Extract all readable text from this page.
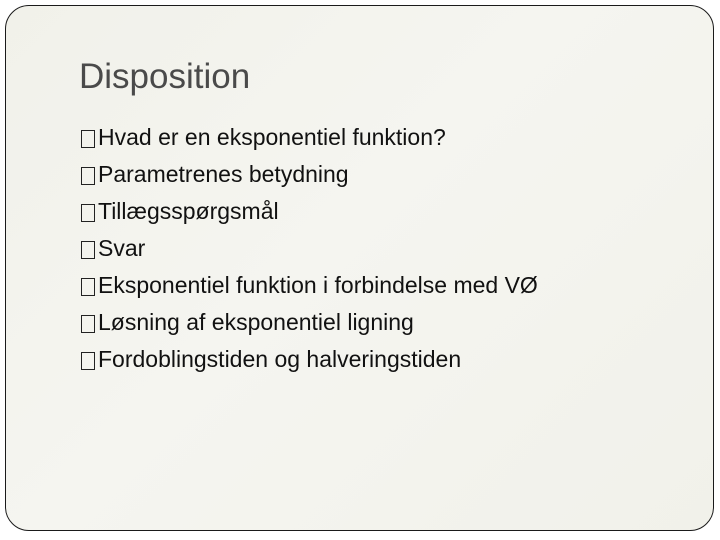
Disposition
Hvad er en eksponentiel funktion?
Parametrenes betydning
Tillægsspørgsmål
Svar
Eksponentiel funktion i forbindelse med VØ
Løsning af eksponentiel ligning
Fordoblingstiden og halveringstiden
